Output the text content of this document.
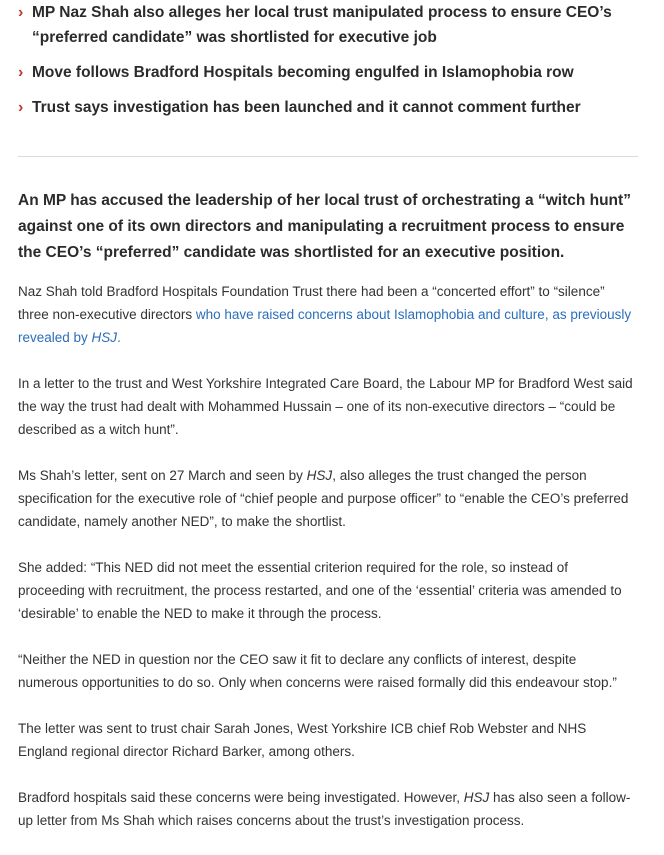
› MP Naz Shah also alleges her local trust manipulated process to ensure CEO’s “preferred candidate” was shortlisted for executive job
› Move follows Bradford Hospitals becoming engulfed in Islamophobia row
› Trust says investigation has been launched and it cannot comment further

An MP has accused the leadership of her local trust of orchestrating a “witch hunt” against one of its own directors and manipulating a recruitment process to ensure the CEO’s “preferred” candidate was shortlisted for an executive position.

Naz Shah told Bradford Hospitals Foundation Trust there had been a “concerted effort” to “silence” three non-executive directors who have raised concerns about Islamophobia and culture, as previously revealed by HSJ.

In a letter to the trust and West Yorkshire Integrated Care Board, the Labour MP for Bradford West said the way the trust had dealt with Mohammed Hussain – one of its non-executive directors – “could be described as a witch hunt”.

Ms Shah’s letter, sent on 27 March and seen by HSJ, also alleges the trust changed the person specification for the executive role of “chief people and purpose officer” to “enable the CEO’s preferred candidate, namely another NED”, to make the shortlist.

She added: “This NED did not meet the essential criterion required for the role, so instead of proceeding with recruitment, the process restarted, and one of the ‘essential’ criteria was amended to ‘desirable’ to enable the NED to make it through the process.

“Neither the NED in question nor the CEO saw it fit to declare any conflicts of interest, despite numerous opportunities to do so. Only when concerns were raised formally did this endeavour stop.”

The letter was sent to trust chair Sarah Jones, West Yorkshire ICB chief Rob Webster and NHS England regional director Richard Barker, among others.

Bradford hospitals said these concerns were being investigated. However, HSJ has also seen a follow-up letter from Ms Shah which raises concerns about the trust’s investigation process.
